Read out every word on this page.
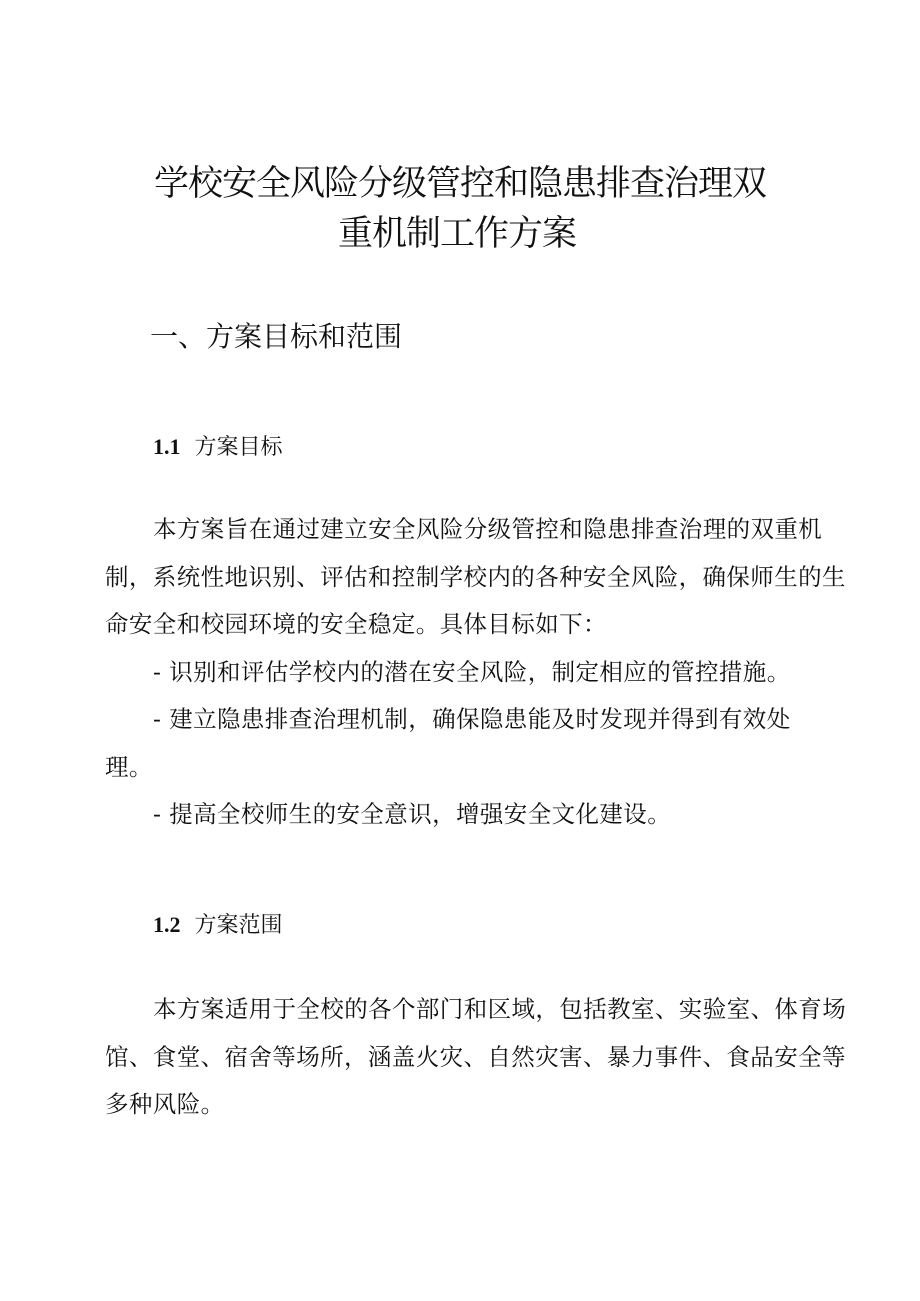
学校安全风险分级管控和隐患排查治理双
重机制工作方案
一、方案目标和范围
1.1 方案目标
本方案旨在通过建立安全风险分级管控和隐患排查治理的双重机
制，系统性地识别、评估和控制学校内的各种安全风险，确保师生的生
命安全和校园环境的安全稳定。具体目标如下：
- 识别和评估学校内的潜在安全风险，制定相应的管控措施。
- 建立隐患排查治理机制，确保隐患能及时发现并得到有效处
理。
- 提高全校师生的安全意识，增强安全文化建设。
1.2 方案范围
本方案适用于全校的各个部门和区域，包括教室、实验室、体育场
馆、食堂、宿舍等场所，涵盖火灾、自然灾害、暴力事件、食品安全等
多种风险。
